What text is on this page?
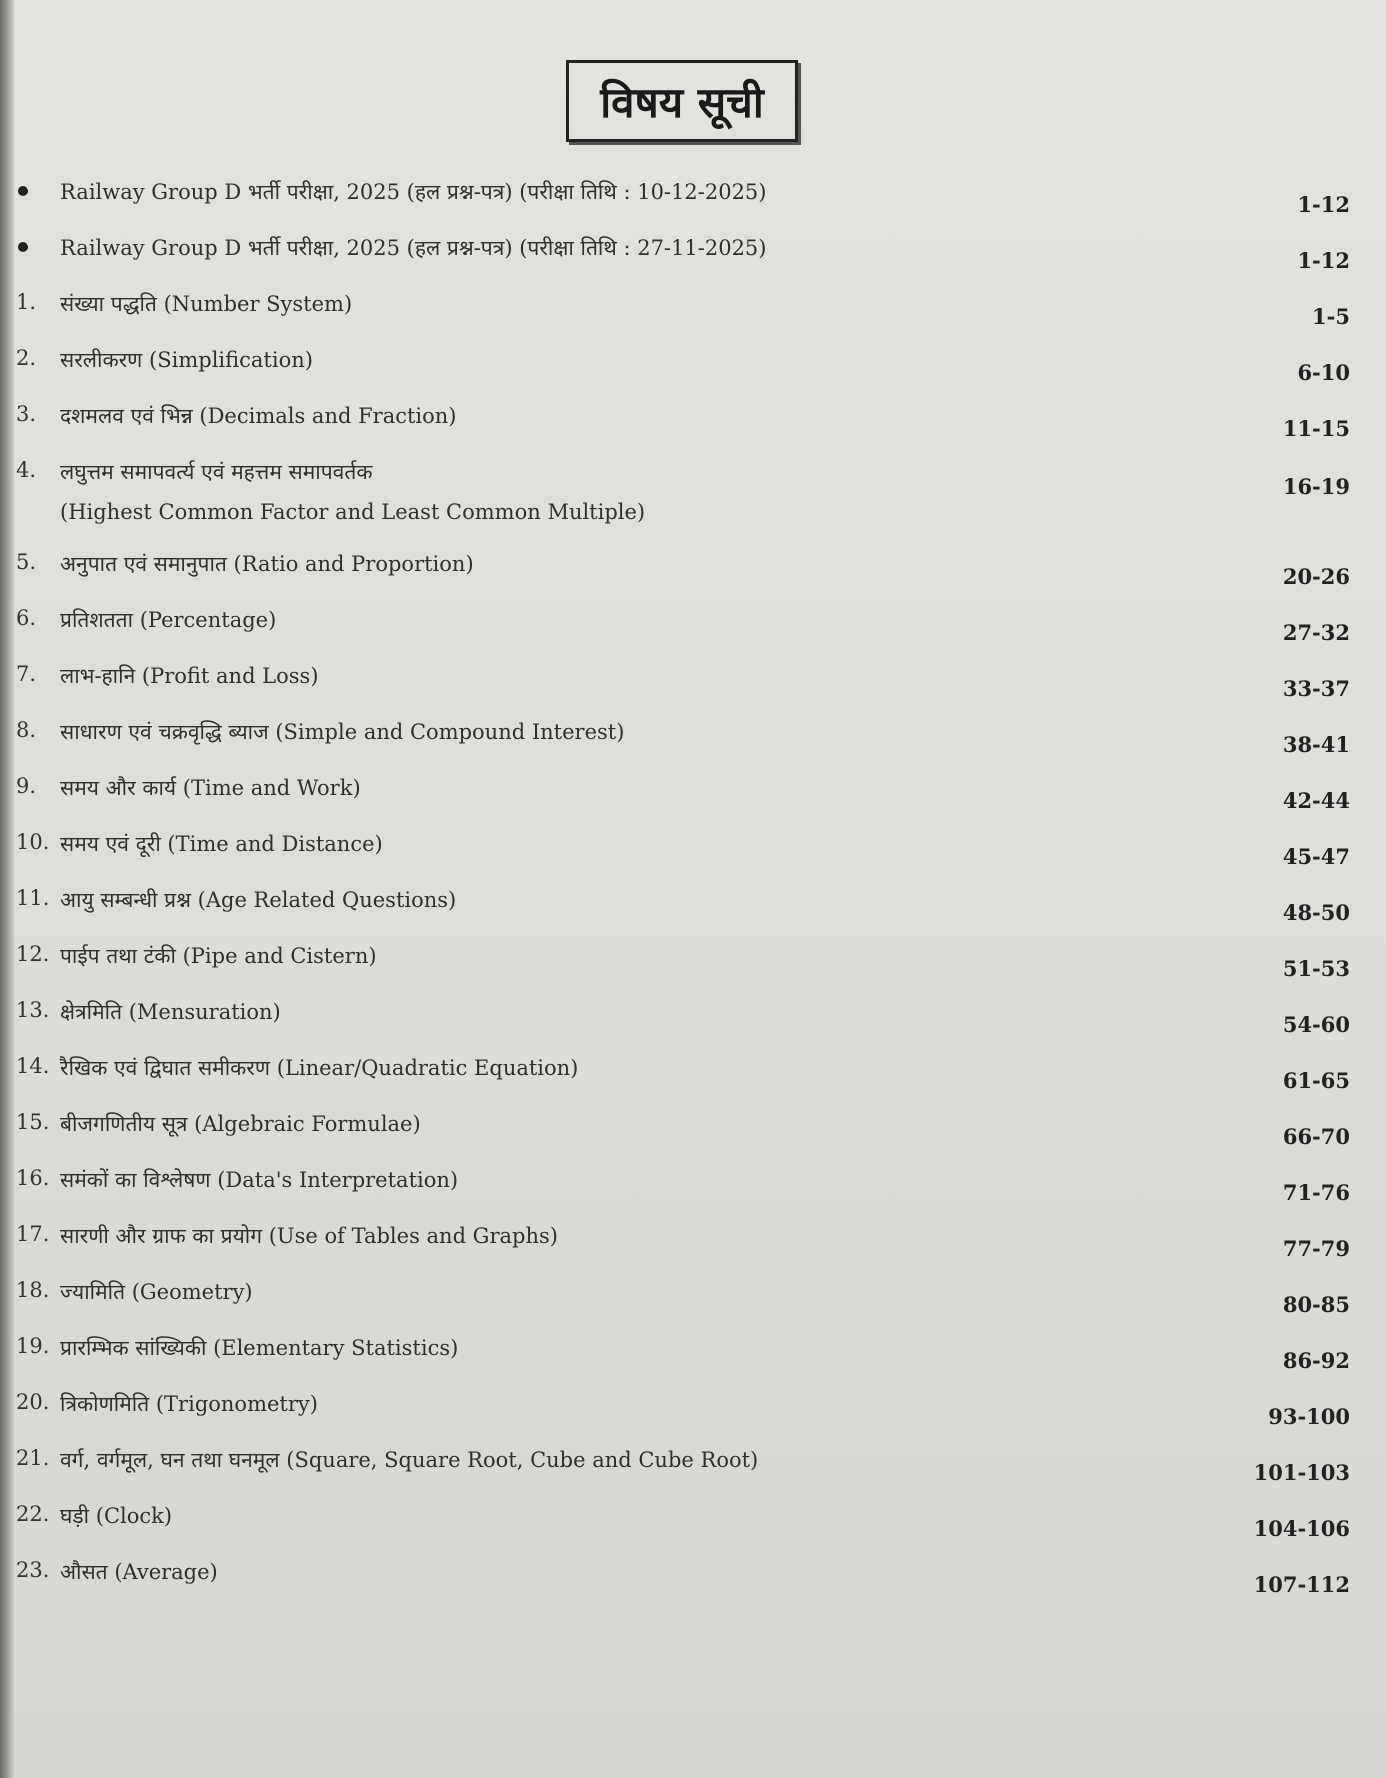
विषय सूची
Railway Group D भर्ती परीक्षा, 2025 (हल प्रश्न-पत्र) (परीक्षा तिथि : 10-12-2025)	1-12
Railway Group D भर्ती परीक्षा, 2025 (हल प्रश्न-पत्र) (परीक्षा तिथि : 27-11-2025)	1-12
1.	संख्या पद्धति (Number System)	1-5
2.	सरलीकरण (Simplification)	6-10
3.	दशमलव एवं भिन्न (Decimals and Fraction)	11-15
4.	लघुत्तम समापवर्त्य एवं महत्तम समापवर्तक
(Highest Common Factor and Least Common Multiple)
16-19
5.	अनुपात एवं समानुपात (Ratio and Proportion)	20-26
6.	प्रतिशतता (Percentage)	27-32
7.	लाभ-हानि (Profit and Loss)	33-37
8.	साधारण एवं चक्रवृद्धि ब्याज (Simple and Compound Interest)	38-41
9.	समय और कार्य (Time and Work)	42-44
10. समय एवं दूरी (Time and Distance)	45-47
11. आयु सम्बन्धी प्रश्न (Age Related Questions)	48-50
12. पाईप तथा टंकी (Pipe and Cistern)	51-53
13. क्षेत्रमिति (Mensuration)	54-60
14. रैखिक एवं द्विघात समीकरण (Linear/Quadratic Equation)	61-65
15. बीजगणितीय सूत्र (Algebraic Formulae)	66-70
16. समंकों का विश्लेषण (Data's Interpretation)	71-76
17. सारणी और ग्राफ का प्रयोग (Use of Tables and Graphs)	77-79
18. ज्यामिति (Geometry)	80-85
19. प्रारम्भिक सांख्यिकी (Elementary Statistics)	86-92
20. त्रिकोणमिति (Trigonometry)	93-100
21. वर्ग, वर्गमूल, घन तथा घनमूल (Square, Square Root, Cube and Cube Root)	101-103
22. घड़ी (Clock)	104-106
23. औसत (Average)	107-112
